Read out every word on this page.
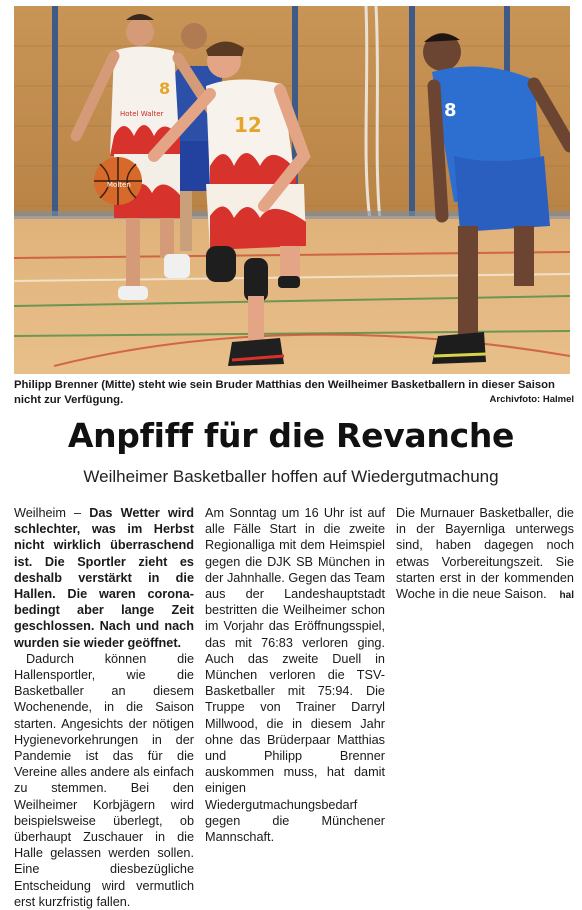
8
Hotel Walter	12
Molten
8
Philipp Brenner (Mitte) steht wie sein Bruder Matthias den Weilheimer Basketballern in dieser Saison nicht zur Verfügung.	Archivfoto: Halmel
Anpfiff für die Revanche
Weilheimer Basketballer hoffen auf Wiedergutmachung

Weilheim – Das Wetter wird schlechter, was im Herbst nicht wirklich überraschend ist. Die Sportler zieht es deshalb verstärkt in die Hallen. Die waren corona-bedingt aber lange Zeit geschlossen. Nach und nach wurden sie wieder geöffnet.

Dadurch können die Hallensportler, wie die Basketballer an diesem Wochenende, in die Saison starten. Angesichts der nötigen Hygienevorkehrungen in der Pandemie ist das für die Vereine alles andere als einfach zu stemmen. Bei den Weilheimer Korbjägern wird beispielsweise überlegt, ob überhaupt Zuschauer in die Halle gelassen werden sollen. Eine diesbezügliche Entscheidung wird vermutlich erst kurzfristig fallen.

Am Sonntag um 16 Uhr ist auf alle Fälle Start in die zweite Regionalliga mit dem Heimspiel gegen die DJK SB München in der Jahnhalle. Gegen das Team aus der Landeshauptstadt bestritten die Weilheimer schon im Vorjahr das Eröffnungsspiel, das mit 76:83 verloren ging. Auch das zweite Duell in München verloren die TSV-Basketballer mit 75:94. Die Truppe von Trainer Darryl Millwood, die in diesem Jahr ohne das Brüderpaar Matthias und Philipp Brenner auskommen muss, hat damit einigen Wiedergutmachungsbedarf gegen die Münchener Mannschaft.

Die Murnauer Basketballer, die in der Bayernliga unterwegs sind, haben dagegen noch etwas Vorbereitungszeit. Sie starten erst in der kommenden Woche in die neue Saison. hal
